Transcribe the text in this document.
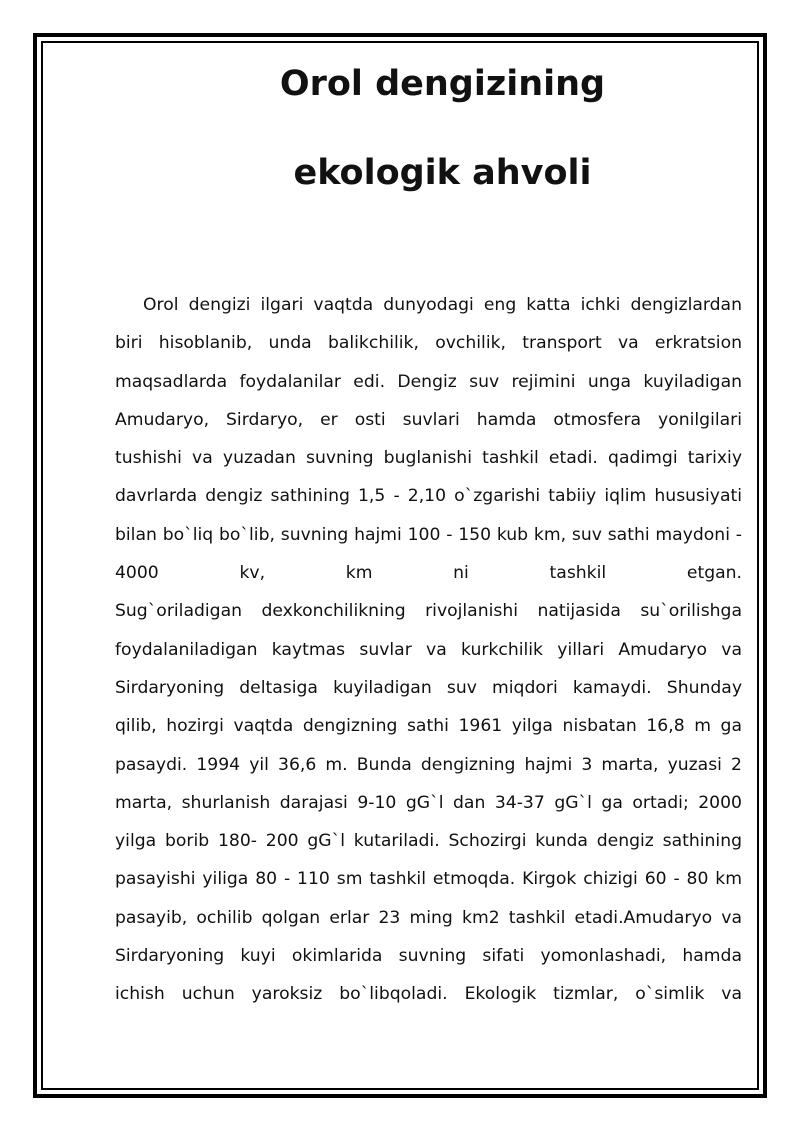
Orol dengizining
ekologik ahvoli
Orol dengizi ilgari vaqtda dunyodagi eng katta ichki dengizlardan
biri hisoblanib, unda balikchilik, ovchilik, transport va erkratsion
maqsadlarda foydalanilar edi. Dengiz suv rejimini unga kuyiladigan
Amudaryo, Sirdaryo, er osti suvlari hamda otmosfera yonilgilari
tushishi va yuzadan suvning buglanishi tashkil etadi. qadimgi tarixiy
davrlarda dengiz sathining 1,5 - 2,10 o`zgarishi tabiiy iqlim hususiyati
bilan bo`liq bo`lib, suvning hajmi 100 - 150 kub km, suv sathi maydoni -
4000 kv, km ni tashkil etgan.
Sug`oriladigan dexkonchilikning rivojlanishi natijasida su`orilishga
foydalaniladigan kaytmas suvlar va kurkchilik yillari Amudaryo va
Sirdaryoning deltasiga kuyiladigan suv miqdori kamaydi. Shunday
qilib, hozirgi vaqtda dengizning sathi 1961 yilga nisbatan 16,8 m ga
pasaydi. 1994 yil 36,6 m. Bunda dengizning hajmi 3 marta, yuzasi 2
marta, shurlanish darajasi 9-10 gG`l dan 34-37 gG`l ga ortadi; 2000
yilga borib 180- 200 gG`l kutariladi. Schozirgi kunda dengiz sathining
pasayishi yiliga 80 - 110 sm tashkil etmoqda. Kirgok chizigi 60 - 80 km
pasayib, ochilib qolgan erlar 23 ming km2 tashkil etadi.Amudaryo va
Sirdaryoning kuyi okimlarida suvning sifati yomonlashadi, hamda
ichish uchun yaroksiz bo`libqoladi. Ekologik tizmlar, o`simlik va
